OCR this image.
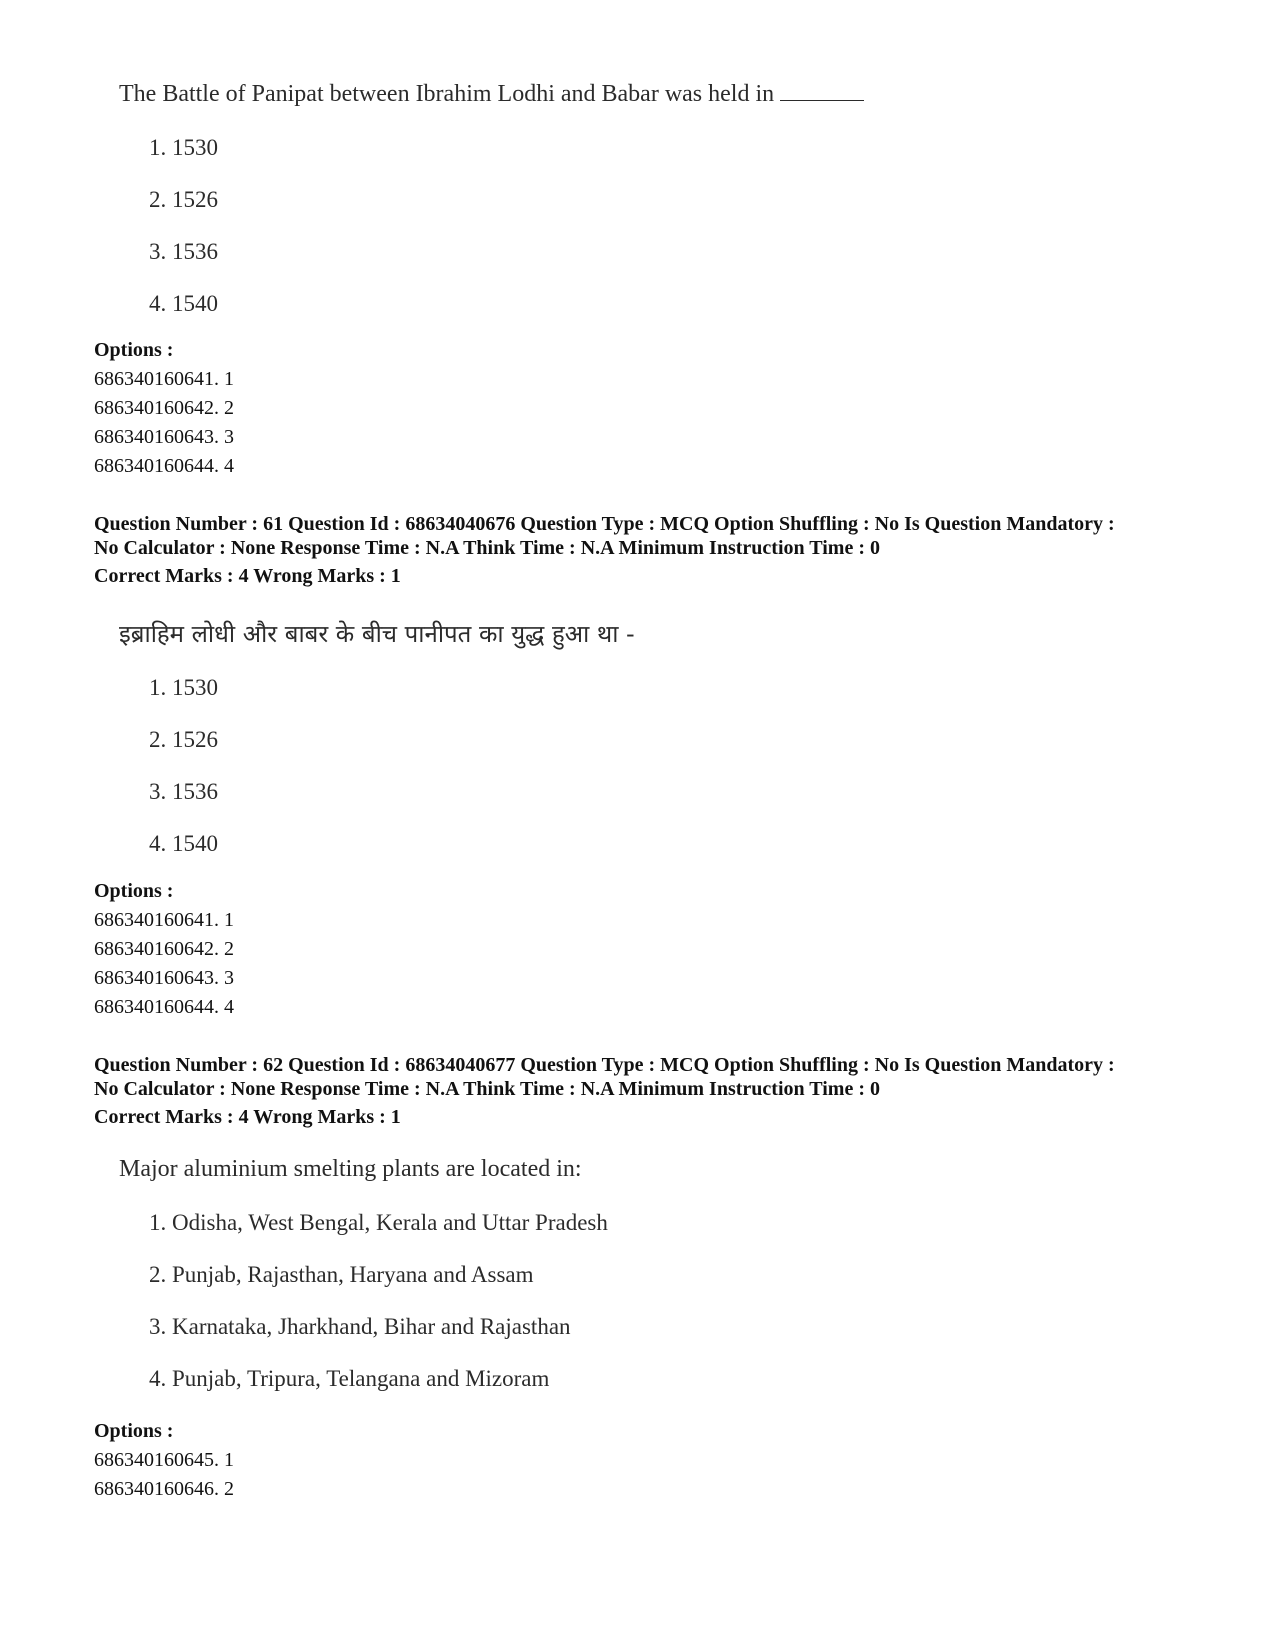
The Battle of Panipat between Ibrahim Lodhi and Babar was held in
1. 1530
2. 1526
3. 1536
4. 1540
Options :
686340160641. 1
686340160642. 2
686340160643. 3
686340160644. 4
Question Number : 61 Question Id : 68634040676 Question Type : MCQ Option Shuffling : No Is Question Mandatory :
No Calculator : None Response Time : N.A Think Time : N.A Minimum Instruction Time : 0
Correct Marks : 4 Wrong Marks : 1
इब्राहिम लोधी और बाबर के बीच पानीपत का युद्ध हुआ था -
1. 1530
2. 1526
3. 1536
4. 1540
Options :
686340160641. 1
686340160642. 2
686340160643. 3
686340160644. 4
Question Number : 62 Question Id : 68634040677 Question Type : MCQ Option Shuffling : No Is Question Mandatory :
No Calculator : None Response Time : N.A Think Time : N.A Minimum Instruction Time : 0
Correct Marks : 4 Wrong Marks : 1
Major aluminium smelting plants are located in:
1. Odisha, West Bengal, Kerala and Uttar Pradesh
2. Punjab, Rajasthan, Haryana and Assam
3. Karnataka, Jharkhand, Bihar and Rajasthan
4. Punjab, Tripura, Telangana and Mizoram
Options :
686340160645. 1
686340160646. 2
